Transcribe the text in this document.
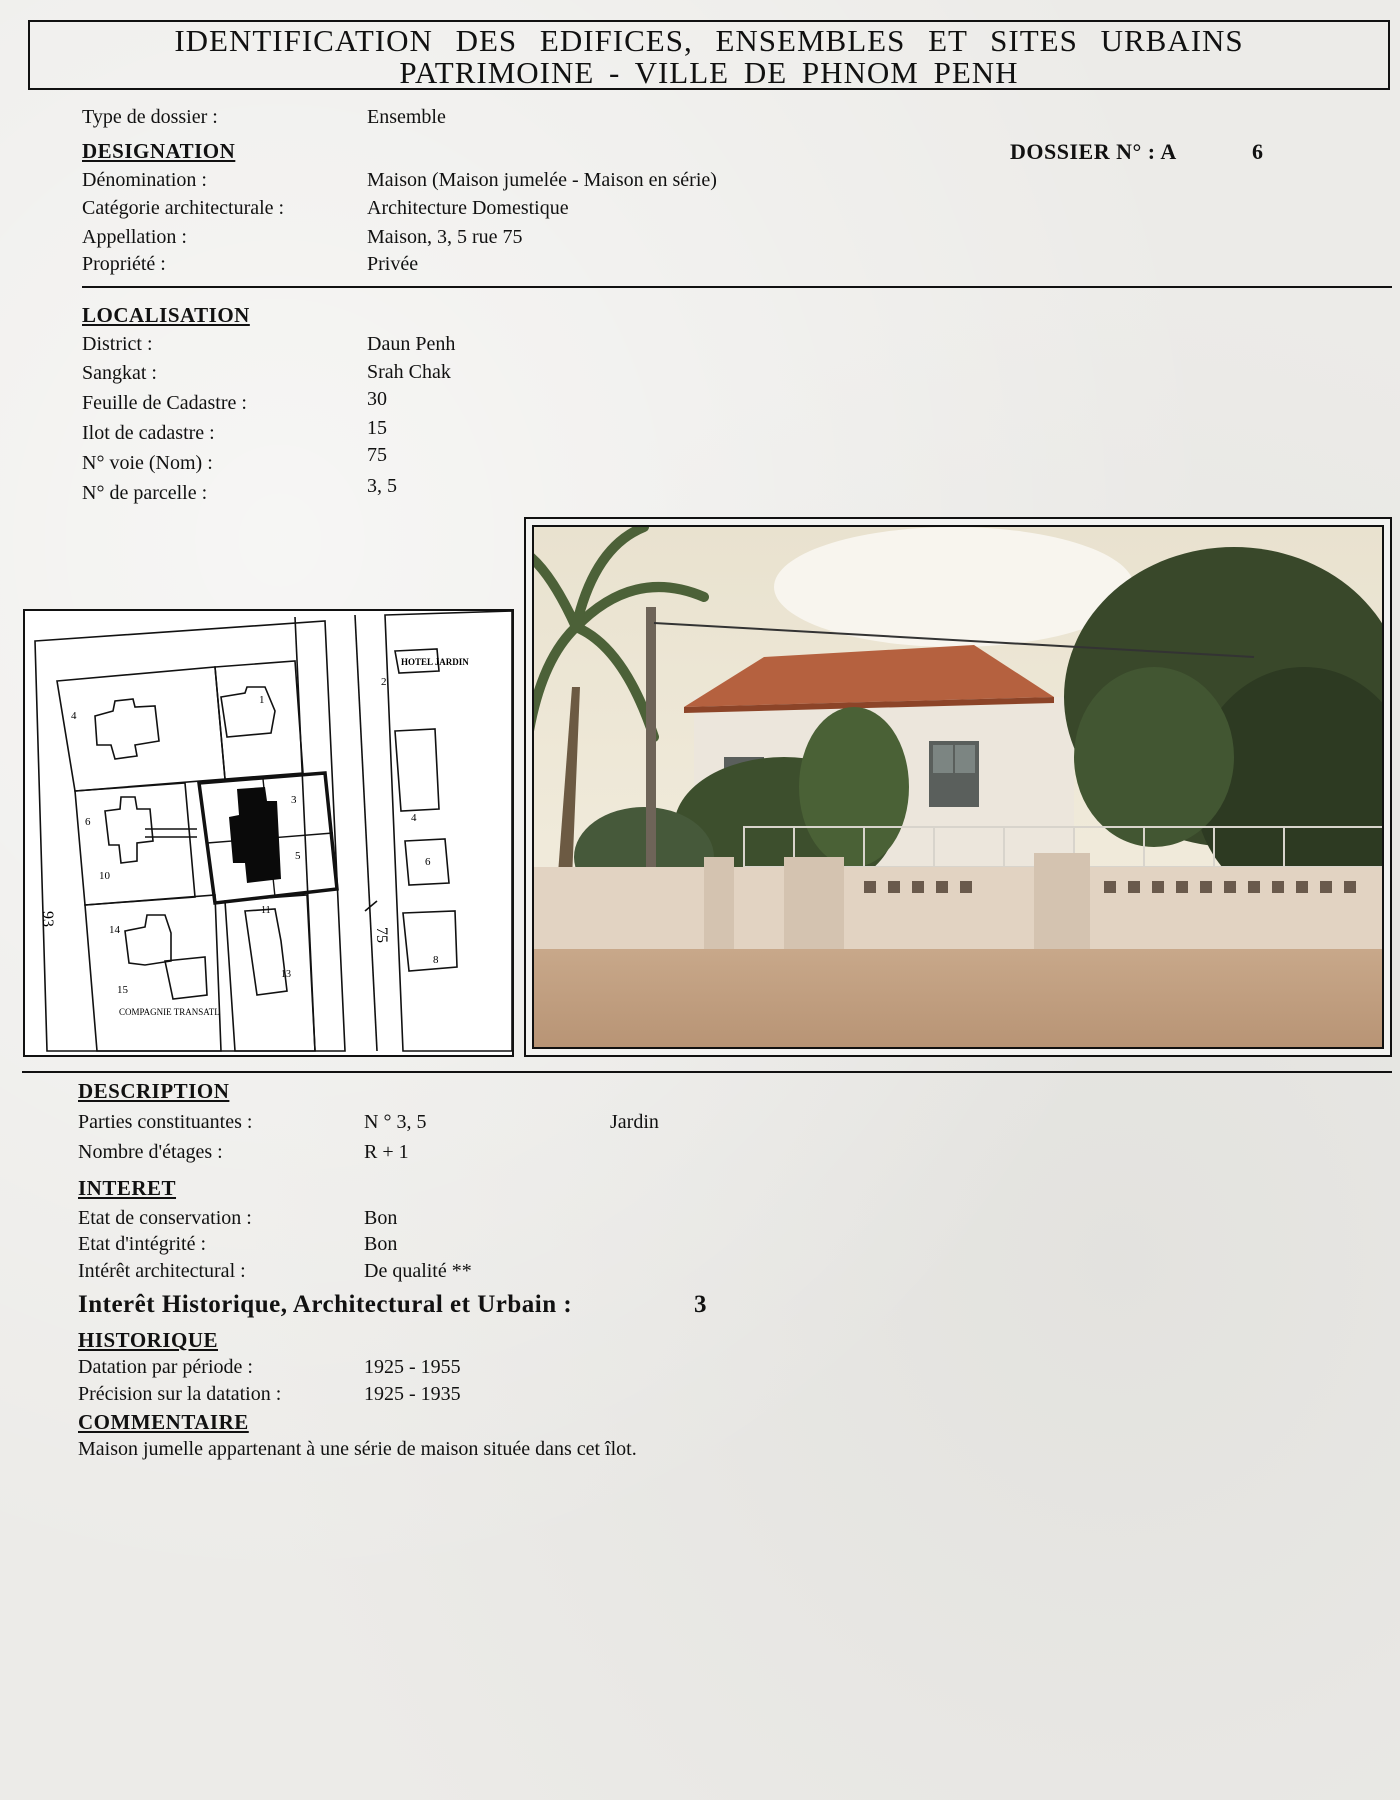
IDENTIFICATION DES EDIFICES, ENSEMBLES ET SITES URBAINS
PATRIMOINE - VILLE DE PHNOM PENH
Type de dossier :	Ensemble
DESIGNATION	DOSSIER N° : A	6
Dénomination :	Maison (Maison jumelée - Maison en série)
Catégorie architecturale :	Architecture Domestique
Appellation :	Maison, 3, 5 rue 75
Propriété :	Privée
LOCALISATION
District :	Daun Penh
Sangkat :	Srah Chak
Feuille de Cadastre :	30
Ilot de cadastre :	15
N° voie (Nom) :	75
N° de parcelle :	3, 5
1
4
3
5
6
10
11
13
14
15
2
4
6
8
HOTEL JARDIN
COMPAGNIE TRANSATL
75
93
DESCRIPTION
Parties constituantes :	N ° 3, 5	Jardin
Nombre d'étages :	R + 1
INTERET
Etat de conservation :	Bon
Etat d'intégrité :	Bon
Intérêt architectural :	De qualité **
Interêt Historique, Architectural et Urbain :	3
HISTORIQUE
Datation par période :	1925 - 1955
Précision sur la datation :	1925 - 1935
COMMENTAIRE
Maison jumelle appartenant à une série de maison située dans cet îlot.
